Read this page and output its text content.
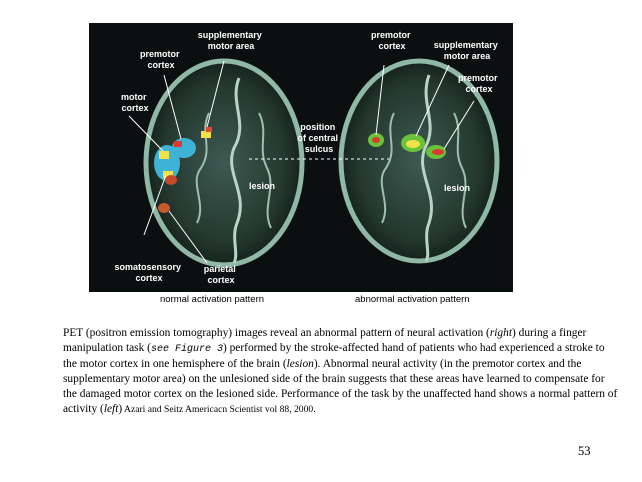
supplementary motor area
premotor cortex
motor cortex
position of central sulcus
lesion
somatosensory cortex
parietal cortex
premotor cortex	supplementary motor area
premotor cortex
lesion
normal activation pattern	abnormal activation pattern
PET (positron emission tomography) images reveal an abnormal pattern of neural activation (right) during a finger manipulation task (see Figure 3) performed by the stroke-affected hand of patients who had experienced a stroke to the motor cortex in one hemisphere of the brain (lesion). Abnormal neural activity (in the premotor cortex and the supplementary motor area) on the unlesioned side of the brain suggests that these areas have learned to compensate for the damaged motor cortex on the lesioned side. Performance of the task by the unaffected hand shows a normal pattern of activity (left) Azari and Seitz Americacn Scientist vol 88, 2000.
53
